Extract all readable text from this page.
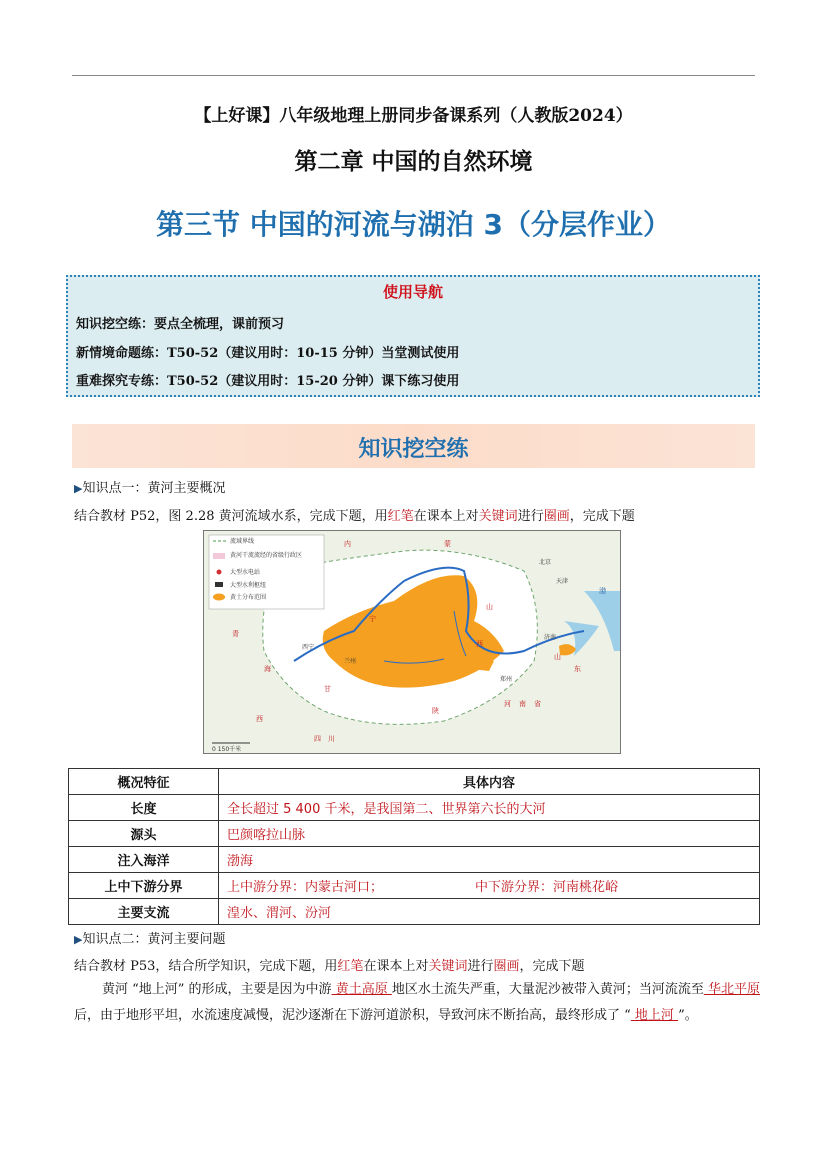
【上好课】八年级地理上册同步备课系列（人教版2024）
第二章 中国的自然环境
第三节 中国的河流与湖泊 3（分层作业）
使用导航
知识挖空练：要点全梳理，课前预习
新情境命题练：T50-52（建议用时：10-15 分钟）当堂测试使用
重难探究专练：T50-52（建议用时：15-20 分钟）课下练习使用
知识挖空练
▶知识点一：黄河主要概况
结合教材 P52，图 2.28 黄河流域水系，完成下题，用红笔在课本上对关键词进行圈画，完成下题
流域界线
黄河干流流经的省级行政区
大型水电站
大型水利枢纽
黄土分布范围
内	蒙
北京
天津
山
山
东
河 南 省
西
西
陕
宁
甘
青
海
兰州
西宁
郑州
济南
渤
四 川
0 150千米
概况特征	具体内容
长度	全长超过 5 400 千米，是我国第二、世界第六长的大河
源头	巴颜喀拉山脉
注入海洋	渤海
上中下游分界	上中游分界：内蒙古河口； 中下游分界：河南桃花峪
主要支流	湟水、渭河、汾河
▶知识点二：黄河主要问题
结合教材 P53，结合所学知识，完成下题，用红笔在课本上对关键词进行圈画，完成下题
黄河 “地上河” 的形成，主要是因为中游 黄土高原 地区水土流失严重，大量泥沙被带入黄河；当河流流至 华北平原 后，由于地形平坦，水流速度减慢，泥沙逐渐在下游河道淤积，导致河床不断抬高，最终形成了 “ 地上河 ”。
